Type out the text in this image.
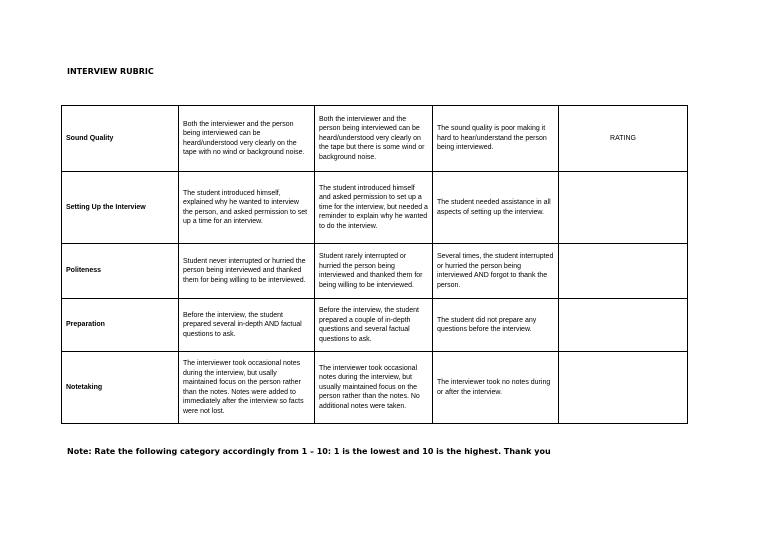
INTERVIEW RUBRIC
Sound Quality	Both the interviewer and the person being interviewed can be heard/understood very clearly on the tape with no wind or background noise.	Both the interviewer and the person being interviewed can be heard/understood very clearly on the tape but there is some wind or background noise.	The sound quality is poor making it hard to hear/understand the person being interviewed.	RATING
Setting Up the Interview	The student introduced himself, explained why he wanted to interview the person, and asked permission to set up a time for an interview.	The student introduced himself and asked permission to set up a time for the interview, but needed a reminder to explain why he wanted to do the interview.	The student needed assistance in all aspects of setting up the interview.	
Politeness	Student never interrupted or hurried the person being interviewed and thanked them for being willing to be interviewed.	Student rarely interrupted or hurried the person being interviewed and thanked them for being willing to be interviewed.	Several times, the student interrupted or hurried the person being interviewed AND forgot to thank the person.	
Preparation	Before the interview, the student prepared several in-depth AND factual questions to ask.	Before the interview, the student prepared a couple of in-depth questions and several factual questions to ask.	The student did not prepare any questions before the interview.	
Notetaking	The interviewer took occasional notes during the interview, but usally maintained focus on the person rather than the notes. Notes were added to immediately after the interview so facts were not lost.	The interviewer took occasional notes during the interview, but usually maintained focus on the person rather than the notes. No additional notes were taken.	The interviewer took no notes during or after the interview.	
Note: Rate the following category accordingly from 1 – 10: 1 is the lowest and 10 is the highest. Thank you
